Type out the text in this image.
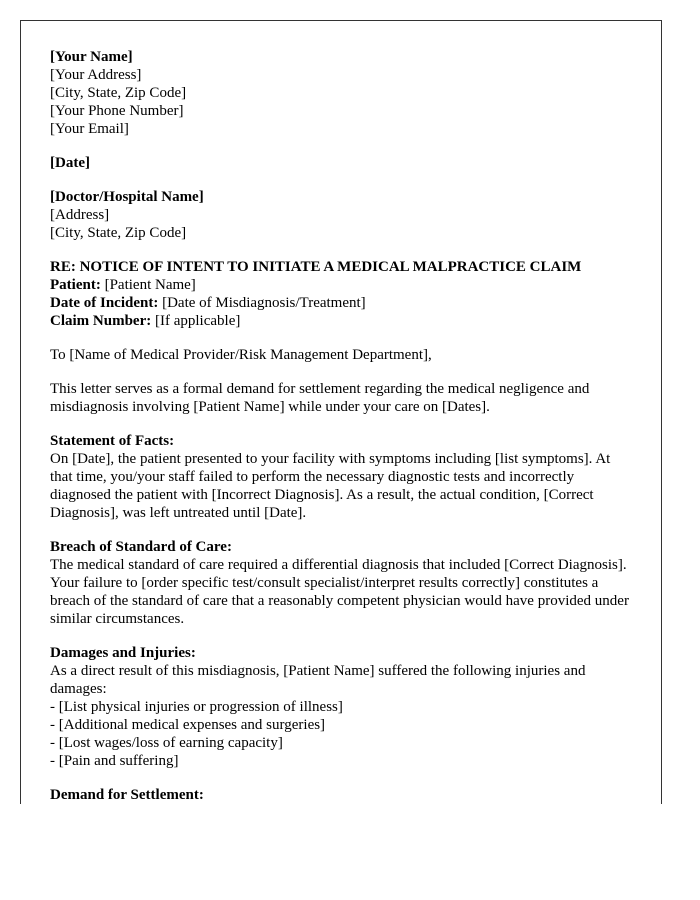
[Your Name]
[Your Address]
[City, State, Zip Code]
[Your Phone Number]
[Your Email]
[Date]
[Doctor/Hospital Name]
[Address]
[City, State, Zip Code]
RE: NOTICE OF INTENT TO INITIATE A MEDICAL MALPRACTICE CLAIM
Patient: [Patient Name]
Date of Incident: [Date of Misdiagnosis/Treatment]
Claim Number: [If applicable]

To [Name of Medical Provider/Risk Management Department],

This letter serves as a formal demand for settlement regarding the medical negligence and misdiagnosis involving [Patient Name] while under your care on [Dates].

Statement of Facts:
On [Date], the patient presented to your facility with symptoms including [list symptoms]. At that time, you/your staff failed to perform the necessary diagnostic tests and incorrectly diagnosed the patient with [Incorrect Diagnosis]. As a result, the actual condition, [Correct Diagnosis], was left untreated until [Date].
Breach of Standard of Care:
The medical standard of care required a differential diagnosis that included [Correct Diagnosis]. Your failure to [order specific test/consult specialist/interpret results correctly] constitutes a breach of the standard of care that a reasonably competent physician would have provided under similar circumstances.
Damages and Injuries:
As a direct result of this misdiagnosis, [Patient Name] suffered the following injuries and damages:
- [List physical injuries or progression of illness]
- [Additional medical expenses and surgeries]
- [Lost wages/loss of earning capacity]
- [Pain and suffering]
Demand for Settlement:
